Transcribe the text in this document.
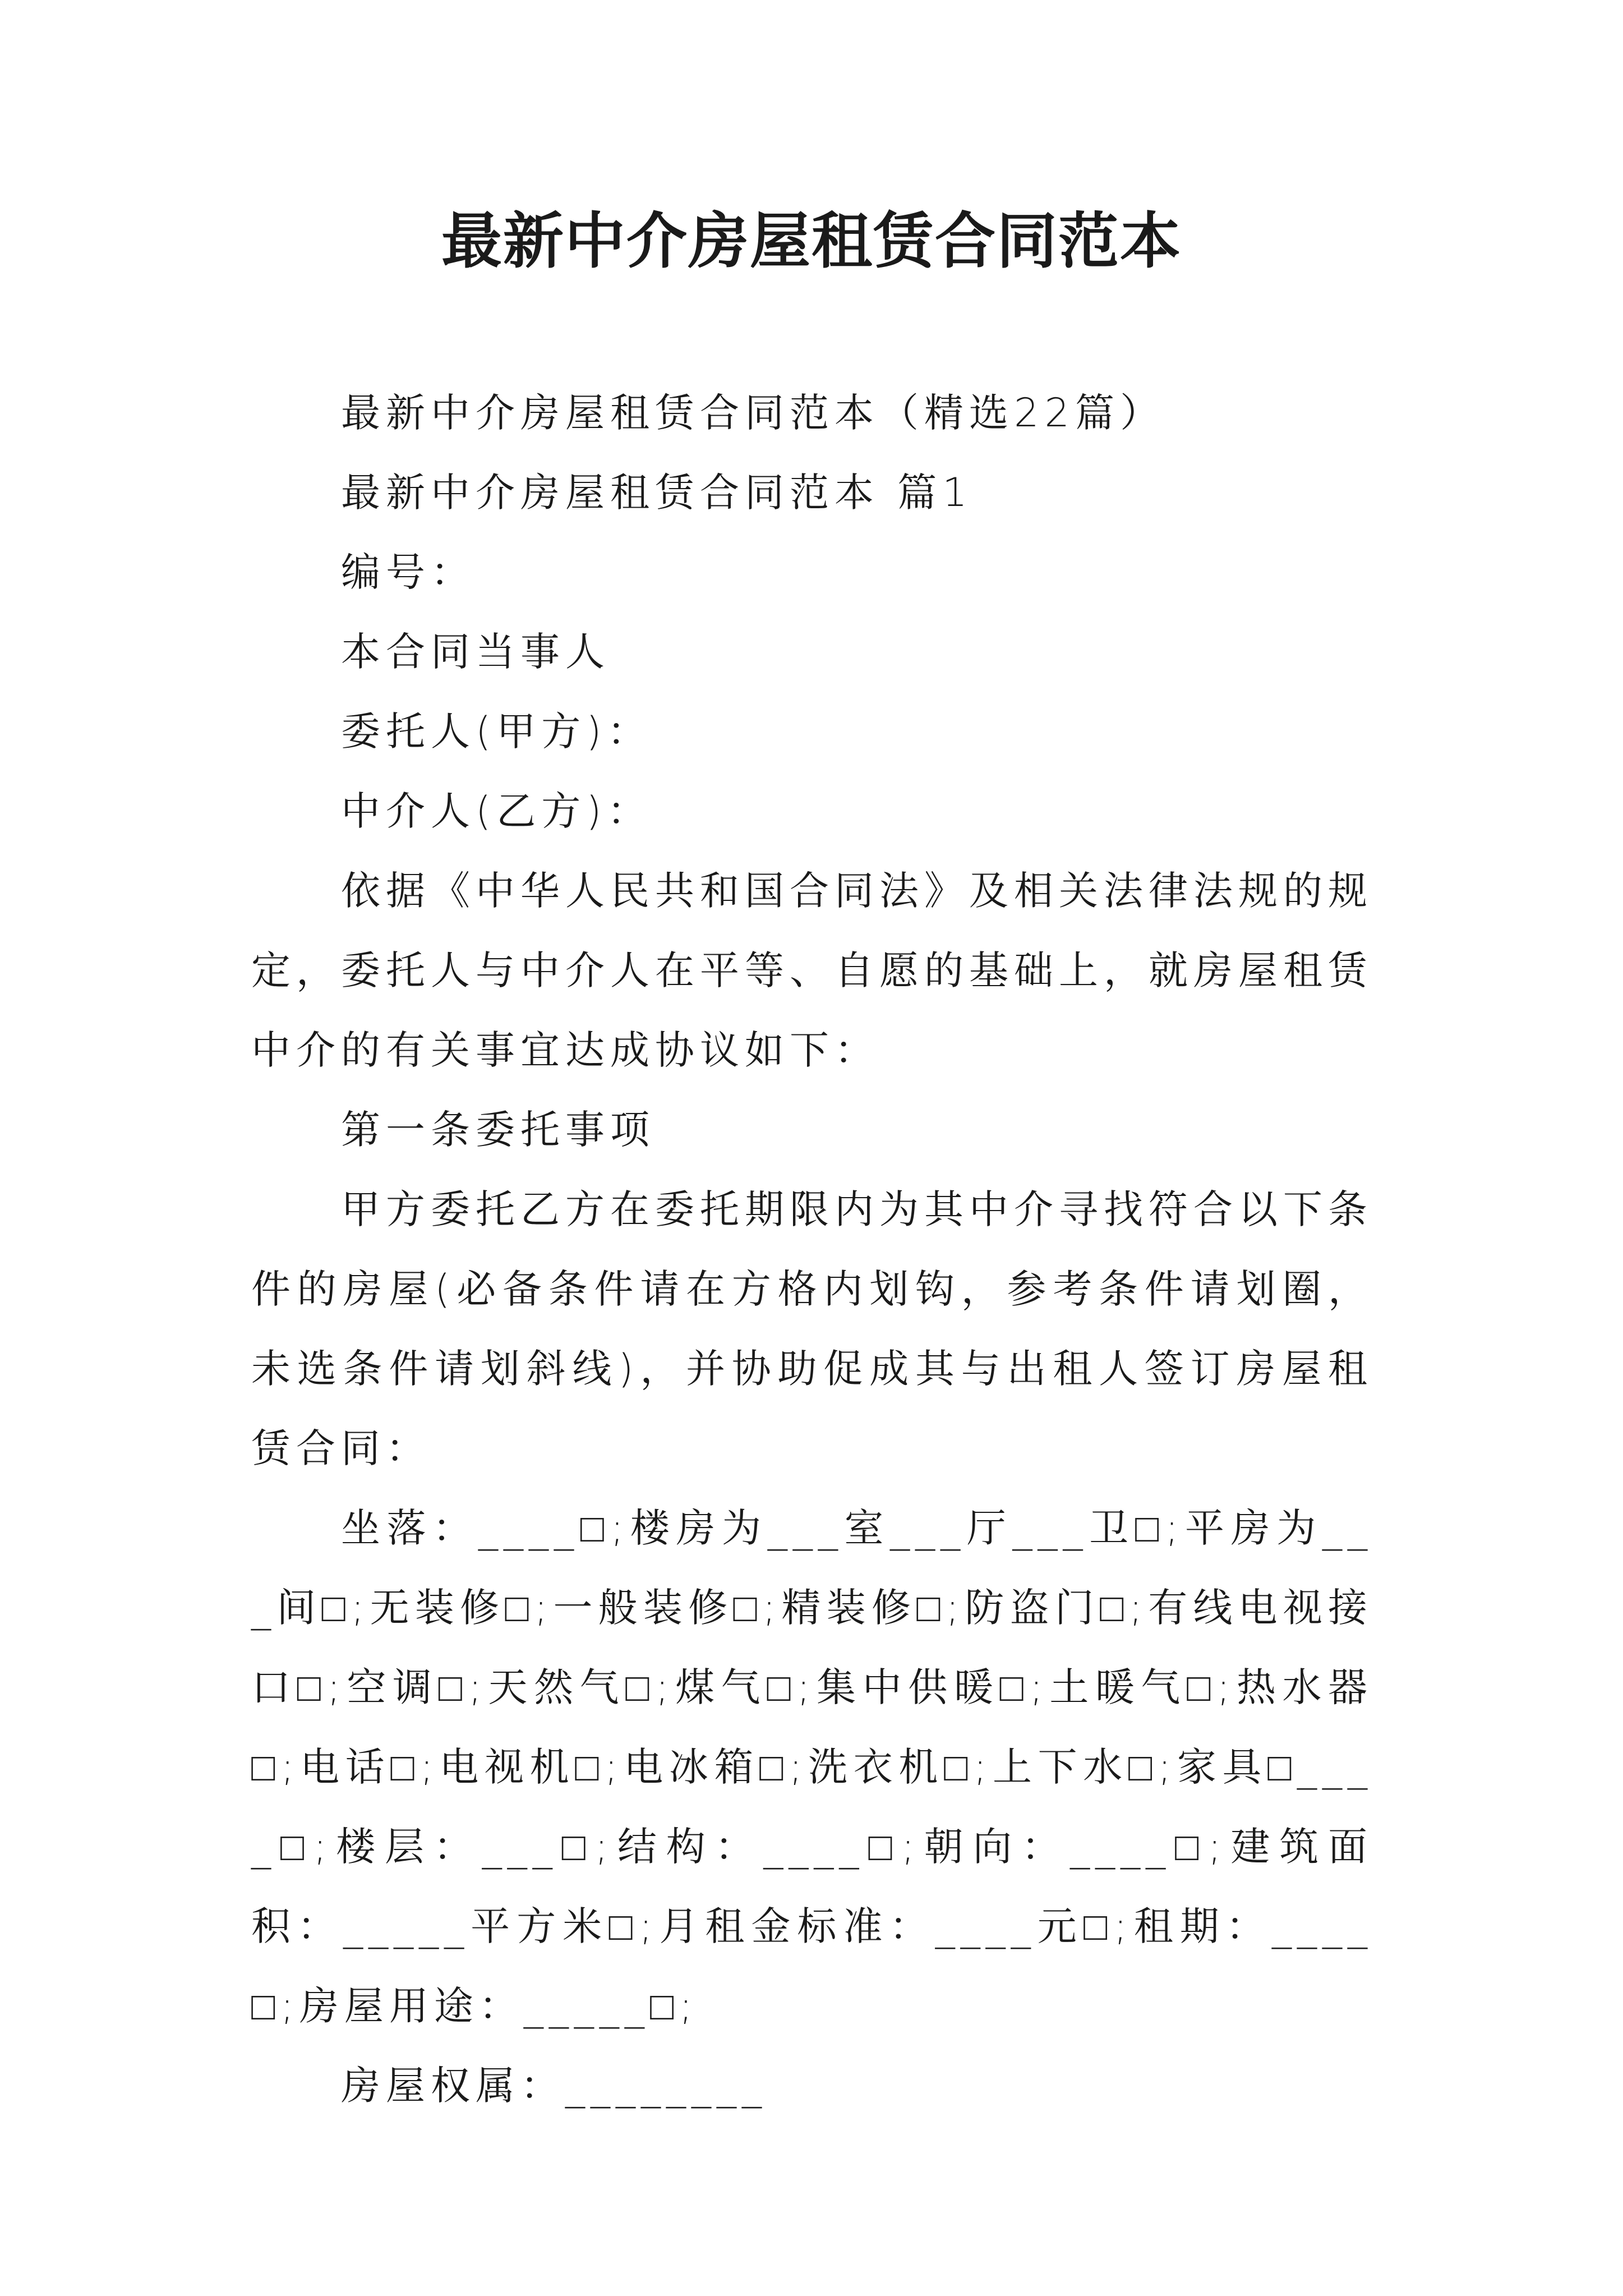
最新中介房屋租赁合同范本

最新中介房屋租赁合同范本（精选22篇）

最新中介房屋租赁合同范本 篇1

编号：

本合同当事人

委托人(甲方)：

中介人(乙方)：

依据《中华人民共和国合同法》及相关法律法规的规定，委托人与中介人在平等、自愿的基础上，就房屋租赁中介的有关事宜达成协议如下：

第一条委托事项

甲方委托乙方在委托期限内为其中介寻找符合以下条件的房屋(必备条件请在方格内划钩，参考条件请划圈，未选条件请划斜线)，并协助促成其与出租人签订房屋租赁合同：

坐落：____□;楼房为___室___厅___卫□;平房为___间□;无装修□;一般装修□;精装修□;防盗门□;有线电视接口□;空调□;天然气□;煤气□;集中供暖□;土暖气□;热水器□;电话□;电视机□;电冰箱□;洗衣机□;上下水□;家具□____□;楼层：___□;结构：____□;朝向：____□;建筑面积：_____平方米□;月租金标准：____元□;租期：____□;房屋用途：_____□;

房屋权属：________
